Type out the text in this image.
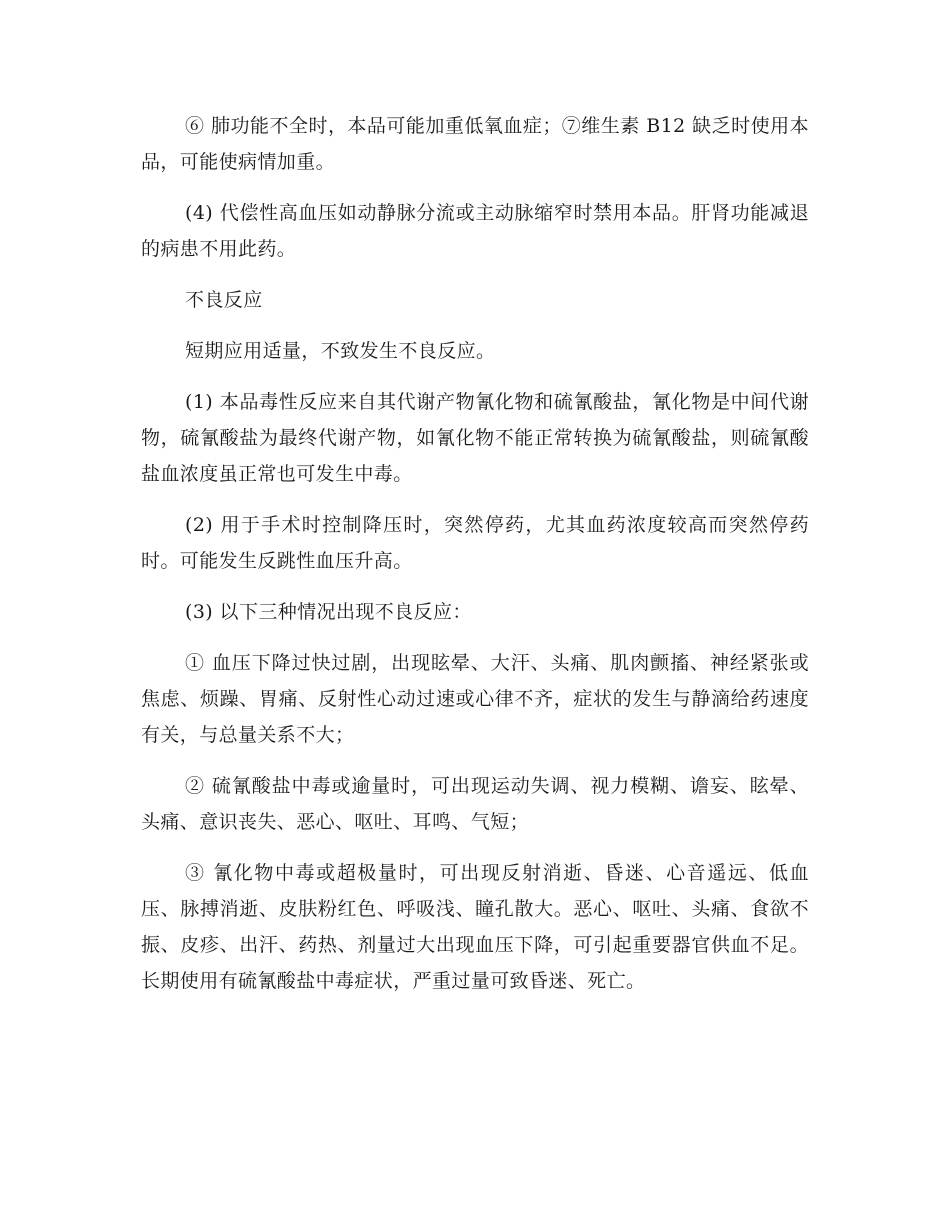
⑥ 肺功能不全时，本品可能加重低氧血症；⑦维生素 B12 缺乏时使用本品，可能使病情加重。

(4) 代偿性高血压如动静脉分流或主动脉缩窄时禁用本品。肝肾功能减退的病患不用此药。

不良反应

短期应用适量，不致发生不良反应。

(1) 本品毒性反应来自其代谢产物氰化物和硫氰酸盐，氰化物是中间代谢物，硫氰酸盐为最终代谢产物，如氰化物不能正常转换为硫氰酸盐，则硫氰酸盐血浓度虽正常也可发生中毒。

(2) 用于手术时控制降压时，突然停药，尤其血药浓度较高而突然停药时。可能发生反跳性血压升高。

(3) 以下三种情况出现不良反应：

① 血压下降过快过剧，出现眩晕、大汗、头痛、肌肉颤搐、神经紧张或焦虑、烦躁、胃痛、反射性心动过速或心律不齐，症状的发生与静滴给药速度有关，与总量关系不大；

② 硫氰酸盐中毒或逾量时，可出现运动失调、视力模糊、谵妄、眩晕、头痛、意识丧失、恶心、呕吐、耳鸣、气短；

③ 氰化物中毒或超极量时，可出现反射消逝、昏迷、心音遥远、低血压、脉搏消逝、皮肤粉红色、呼吸浅、瞳孔散大。恶心、呕吐、头痛、食欲不振、皮疹、出汗、药热、剂量过大出现血压下降，可引起重要器官供血不足。长期使用有硫氰酸盐中毒症状，严重过量可致昏迷、死亡。
